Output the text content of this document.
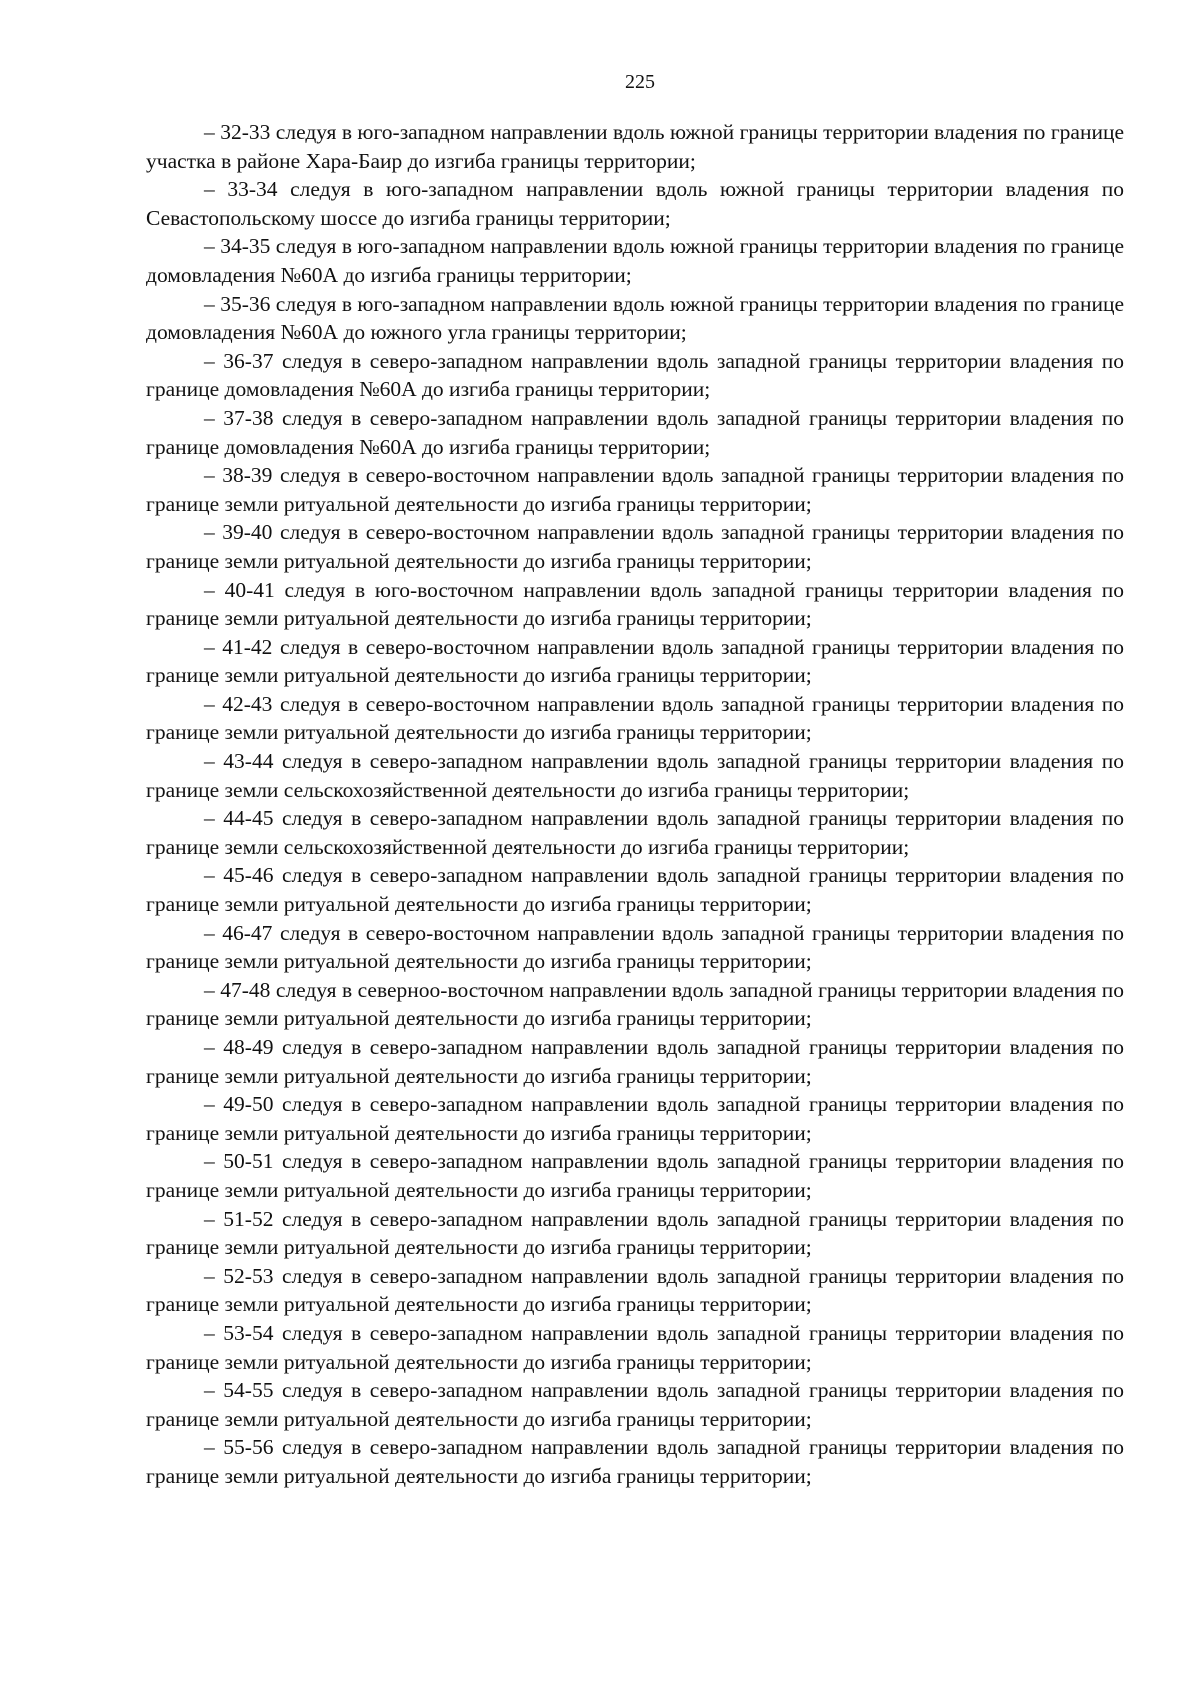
225

– 32-33 следуя в юго-западном направлении вдоль южной границы территории владения по границе участка в районе Хара-Баир до изгиба границы территории;

– 33-34 следуя в юго-западном направлении вдоль южной границы территории владения по Севастопольскому шоссе до изгиба границы территории;

– 34-35 следуя в юго-западном направлении вдоль южной границы территории владения по границе домовладения №60А до изгиба границы территории;

– 35-36 следуя в юго-западном направлении вдоль южной границы территории владения по границе домовладения №60А до южного угла границы территории;

– 36-37 следуя в северо-западном направлении вдоль западной границы территории владения по границе домовладения №60А до изгиба границы территории;

– 37-38 следуя в северо-западном направлении вдоль западной границы территории владения по границе домовладения №60А до изгиба границы территории;

– 38-39 следуя в северо-восточном направлении вдоль западной границы территории владения по границе земли ритуальной деятельности до изгиба границы территории;

– 39-40 следуя в северо-восточном направлении вдоль западной границы территории владения по границе земли ритуальной деятельности до изгиба границы территории;

– 40-41 следуя в юго-восточном направлении вдоль западной границы территории владения по границе земли ритуальной деятельности до изгиба границы территории;

– 41-42 следуя в северо-восточном направлении вдоль западной границы территории владения по границе земли ритуальной деятельности до изгиба границы территории;

– 42-43 следуя в северо-восточном направлении вдоль западной границы территории владения по границе земли ритуальной деятельности до изгиба границы территории;

– 43-44 следуя в северо-западном направлении вдоль западной границы территории владения по границе земли сельскохозяйственной деятельности до изгиба границы территории;

– 44-45 следуя в северо-западном направлении вдоль западной границы территории владения по границе земли сельскохозяйственной деятельности до изгиба границы территории;

– 45-46 следуя в северо-западном направлении вдоль западной границы территории владения по границе земли ритуальной деятельности до изгиба границы территории;

– 46-47 следуя в северо-восточном направлении вдоль западной границы территории владения по границе земли ритуальной деятельности до изгиба границы территории;

– 47-48 следуя в севернoо-восточном направлении вдоль западной границы территории владения по границе земли ритуальной деятельности до изгиба границы территории;

– 48-49 следуя в северо-западном направлении вдоль западной границы территории владения по границе земли ритуальной деятельности до изгиба границы территории;

– 49-50 следуя в северо-западном направлении вдоль западной границы территории владения по границе земли ритуальной деятельности до изгиба границы территории;

– 50-51 следуя в северо-западном направлении вдоль западной границы территории владения по границе земли ритуальной деятельности до изгиба границы территории;

– 51-52 следуя в северо-западном направлении вдоль западной границы территории владения по границе земли ритуальной деятельности до изгиба границы территории;

– 52-53 следуя в северо-западном направлении вдоль западной границы территории владения по границе земли ритуальной деятельности до изгиба границы территории;

– 53-54 следуя в северо-западном направлении вдоль западной границы территории владения по границе земли ритуальной деятельности до изгиба границы территории;

– 54-55 следуя в северо-западном направлении вдоль западной границы территории владения по границе земли ритуальной деятельности до изгиба границы территории;

– 55-56 следуя в северо-западном направлении вдоль западной границы территории владения по границе земли ритуальной деятельности до изгиба границы территории;
